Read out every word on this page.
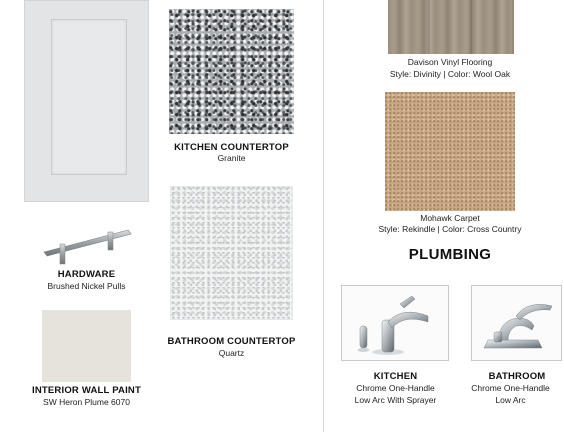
HARDWARE
Brushed Nickel Pulls
INTERIOR WALL PAINT
SW Heron Plume 6070
KITCHEN COUNTERTOP
Granite
BATHROOM COUNTERTOP
Quartz
Davison Vinyl Flooring
Style: Divinity | Color: Wool Oak
Mohawk Carpet
Style: Rekindle | Color: Cross Country
PLUMBING
KITCHEN
Chrome One-Handle
Low Arc With Sprayer
BATHROOM
Chrome One-Handle
Low Arc
